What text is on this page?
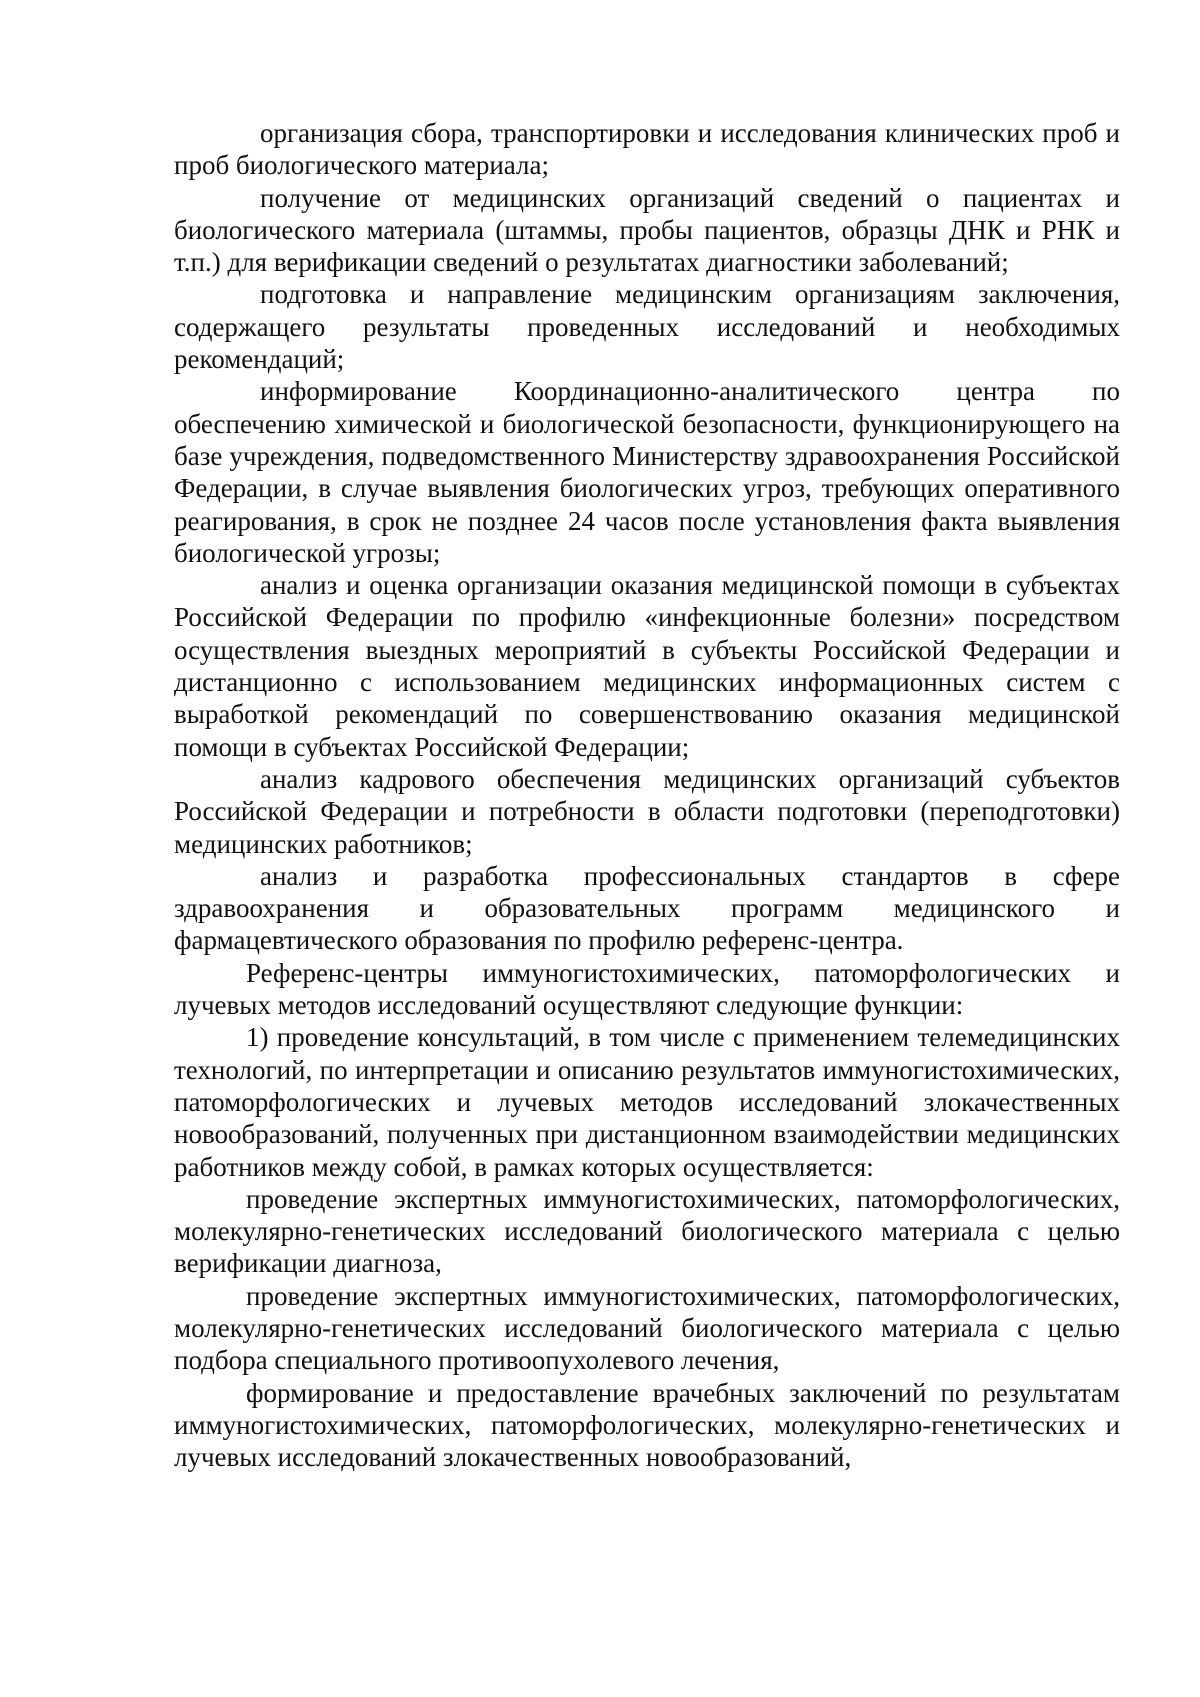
организация сбора, транспортировки и исследования клинических проб и проб биологического материала;

получение от медицинских организаций сведений о пациентах и биологического материала (штаммы, пробы пациентов, образцы ДНК и РНК и т.п.) для верификации сведений о результатах диагностики заболеваний;

подготовка и направление медицинским организациям заключения, содержащего результаты проведенных исследований и необходимых рекомендаций;

информирование Координационно-аналитического центра по обеспечению химической и биологической безопасности, функционирующего на базе учреждения, подведомственного Министерству здравоохранения Российской Федерации, в случае выявления биологических угроз, требующих оперативного реагирования, в срок не позднее 24 часов после установления факта выявления биологической угрозы;

анализ и оценка организации оказания медицинской помощи в субъектах Российской Федерации по профилю «инфекционные болезни» посредством осуществления выездных мероприятий в субъекты Российской Федерации и дистанционно с использованием медицинских информационных систем с выработкой рекомендаций по совершенствованию оказания медицинской помощи в субъектах Российской Федерации;

анализ кадрового обеспечения медицинских организаций субъектов Российской Федерации и потребности в области подготовки (переподготовки) медицинских работников;

анализ и разработка профессиональных стандартов в сфере здравоохранения и образовательных программ медицинского и фармацевтического образования по профилю референс-центра.

Референс-центры иммуногистохимических, патоморфологических и лучевых методов исследований осуществляют следующие функции:

1) проведение консультаций, в том числе с применением телемедицинских технологий, по интерпретации и описанию результатов иммуногистохимических, патоморфологических и лучевых методов исследований злокачественных новообразований, полученных при дистанционном взаимодействии медицинских работников между собой, в рамках которых осуществляется:

проведение экспертных иммуногистохимических, патоморфологических, молекулярно-генетических исследований биологического материала с целью верификации диагноза,

проведение экспертных иммуногистохимических, патоморфологических, молекулярно-генетических исследований биологического материала с целью подбора специального противоопухолевого лечения,

формирование и предоставление врачебных заключений по результатам иммуногистохимических, патоморфологических, молекулярно-генетических и лучевых исследований злокачественных новообразований,
